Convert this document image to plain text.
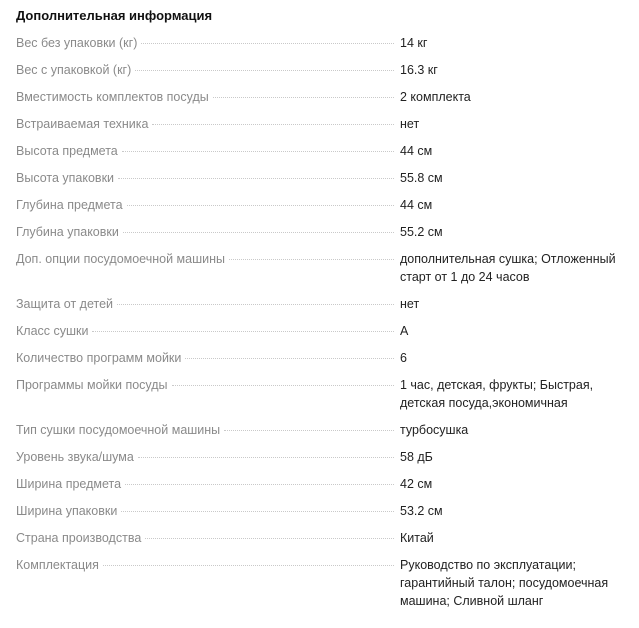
Дополнительная информация
Вес без упаковки (кг)	14 кг
Вес с упаковкой (кг)	16.3 кг
Вместимость комплектов посуды	2 комплекта
Встраиваемая техника	нет
Высота предмета	44 см
Высота упаковки	55.8 см
Глубина предмета	44 см
Глубина упаковки	55.2 см
Доп. опции посудомоечной машины	дополнительная сушка; Отложенный старт от 1 до 24 часов
Защита от детей	нет
Класс сушки	A
Количество программ мойки	6
Программы мойки посуды	1 час, детская, фрукты; Быстрая, детская посуда,экономичная
Тип сушки посудомоечной машины	турбосушка
Уровень звука/шума	58 дБ
Ширина предмета	42 см
Ширина упаковки	53.2 см
Страна производства	Китай
Комплектация	Руководство по эксплуатации; гарантийный талон; посудомоечная машина; Сливной шланг
